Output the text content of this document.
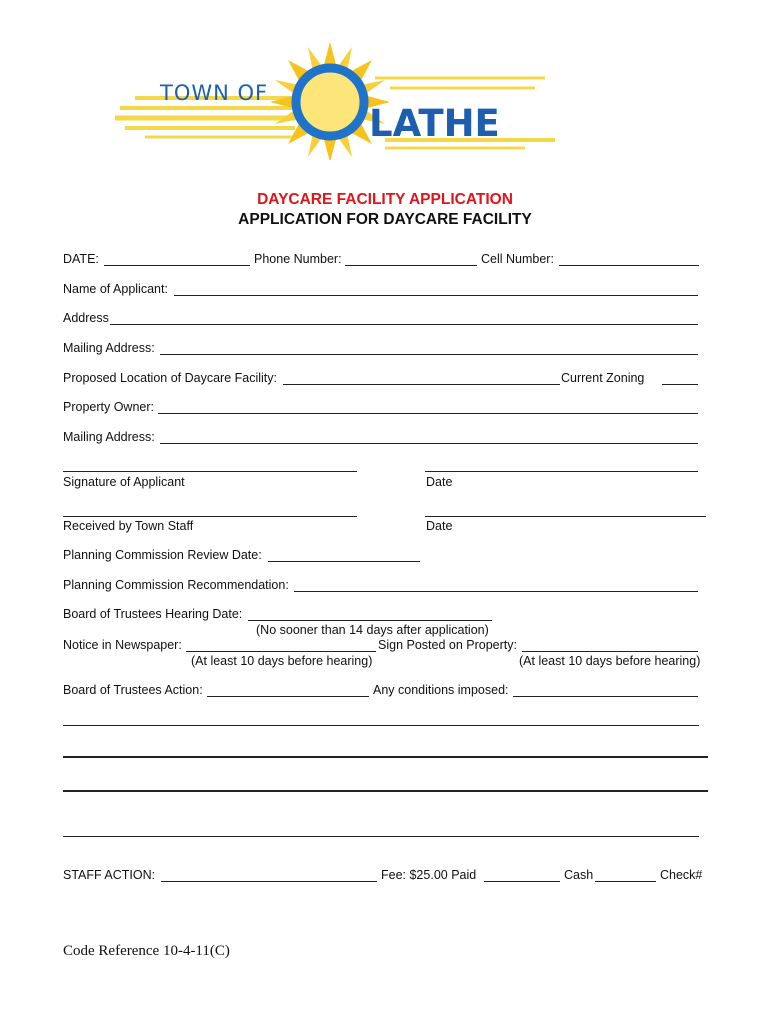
TOWN OF
LATHE
DAYCARE FACILITY APPLICATION
APPLICATION FOR DAYCARE FACILITY
DATE:	Phone Number:	Cell Number:
Name of Applicant:
Address
Mailing Address:
Proposed Location of Daycare Facility:	Current Zoning
Property Owner:
Mailing Address:
Signature of Applicant	Date
Received by Town Staff	Date
Planning Commission Review Date:
Planning Commission Recommendation:
Board of Trustees Hearing Date:
(No sooner than 14 days after application)
Notice in Newspaper:	Sign Posted on Property:
(At least 10 days before hearing)	(At least 10 days before hearing)
Board of Trustees Action:	Any conditions imposed:
STAFF ACTION:	Fee: $25.00 Paid	Cash	Check#
Code Reference 10-4-11(C)
